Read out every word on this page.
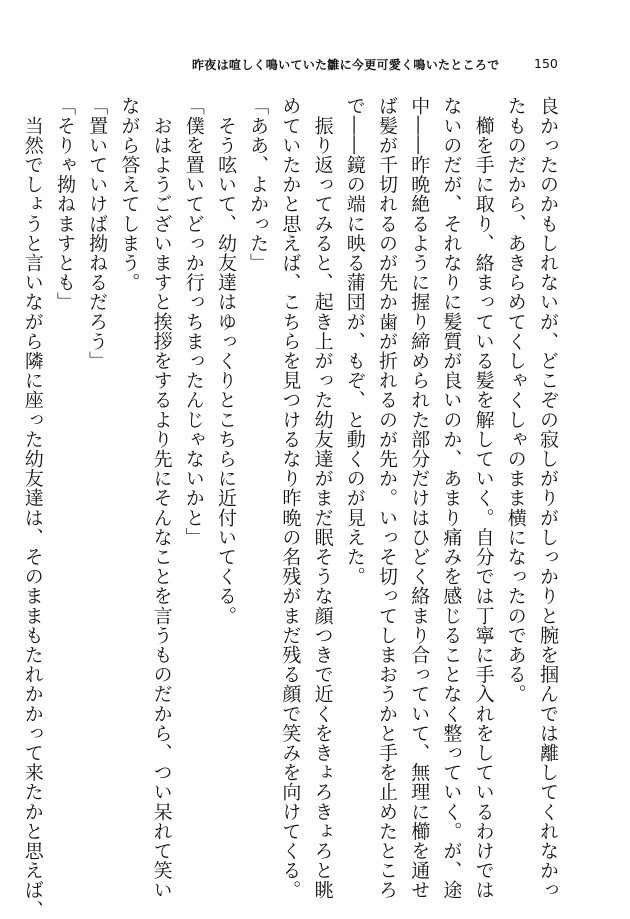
昨夜は喧しく鳴いていた雛に今更可愛く鳴いたところで	150
良かったのかもしれないが、どこぞの寂しがりがしっかりと腕を掴んでは離してくれなかっ
たものだから、あきらめてくしゃくしゃのまま横になったのである。
　櫛を手に取り、絡まっている髪を解していく。自分では丁寧に手入れをしているわけでは
ないのだが、それなりに髪質が良いのか、あまり痛みを感じることなく整っていく。が、途
中――昨晩絶るように握り締められた部分だけはひどく絡まり合っていて、無理に櫛を通せ
ば髪が千切れるのが先か歯が折れるのが先か。いっそ切ってしまおうかと手を止めたところ
で――鏡の端に映る蒲団が、もぞ、と動くのが見えた。
　振り返ってみると、起き上がった幼友達がまだ眠そうな顔つきで近くをきょろきょろと眺
めていたかと思えば、こちらを見つけるなり昨晩の名残がまだ残る顔で笑みを向けてくる。
「ああ、よかった」
　そう呟いて、幼友達はゆっくりとこちらに近付いてくる。
「僕を置いてどっか行っちまったんじゃないかと」
　おはようございますと挨拶をするより先にそんなことを言うものだから、つい呆れて笑い
ながら答えてしまう。
「置いていけば拗ねるだろう」
「そりゃ拗ねますとも」
　当然でしょうと言いながら隣に座った幼友達は、そのままもたれかかって来たかと思えば、
